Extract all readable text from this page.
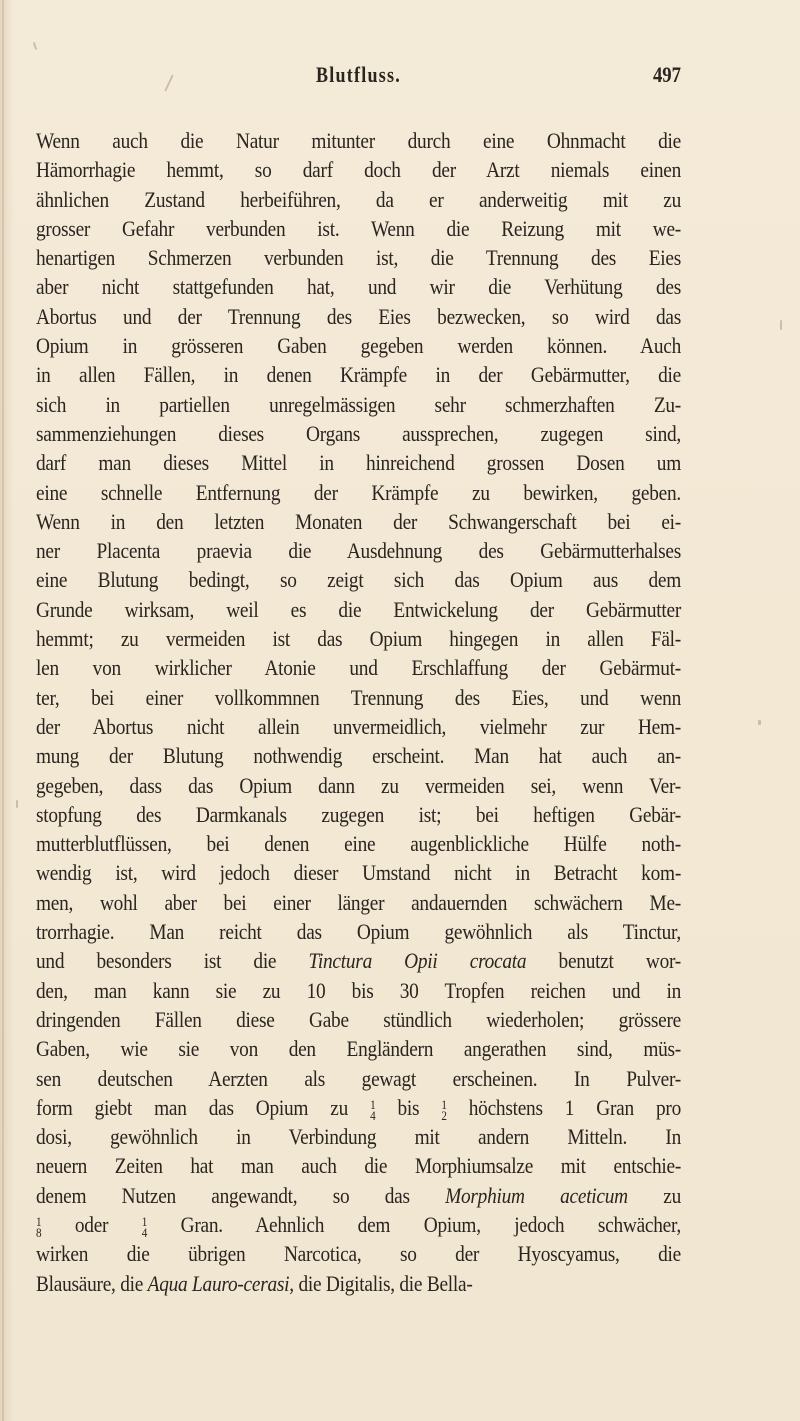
Blutfluss.	497
Wenn auch die Natur mitunter durch eine Ohnmacht die
Hämorrhagie hemmt, so darf doch der Arzt niemals einen
ähnlichen Zustand herbeiführen, da er anderweitig mit zu
grosser Gefahr verbunden ist. Wenn die Reizung mit we-
henartigen Schmerzen verbunden ist, die Trennung des Eies
aber nicht stattgefunden hat, und wir die Verhütung des
Abortus und der Trennung des Eies bezwecken, so wird das
Opium in grösseren Gaben gegeben werden können. Auch
in allen Fällen, in denen Krämpfe in der Gebärmutter, die
sich in partiellen unregelmässigen sehr schmerzhaften Zu-
sammenziehungen dieses Organs aussprechen, zugegen sind,
darf man dieses Mittel in hinreichend grossen Dosen um
eine schnelle Entfernung der Krämpfe zu bewirken, geben.
Wenn in den letzten Monaten der Schwangerschaft bei ei-
ner Placenta praevia die Ausdehnung des Gebärmutterhalses
eine Blutung bedingt, so zeigt sich das Opium aus dem
Grunde wirksam, weil es die Entwickelung der Gebärmutter
hemmt; zu vermeiden ist das Opium hingegen in allen Fäl-
len von wirklicher Atonie und Erschlaffung der Gebärmut-
ter, bei einer vollkommnen Trennung des Eies, und wenn
der Abortus nicht allein unvermeidlich, vielmehr zur Hem-
mung der Blutung nothwendig erscheint. Man hat auch an-
gegeben, dass das Opium dann zu vermeiden sei, wenn Ver-
stopfung des Darmkanals zugegen ist; bei heftigen Gebär-
mutterblutflüssen, bei denen eine augenblickliche Hülfe noth-
wendig ist, wird jedoch dieser Umstand nicht in Betracht kom-
men, wohl aber bei einer länger andauernden schwächern Me-
trorrhagie. Man reicht das Opium gewöhnlich als Tinctur,
und besonders ist die Tinctura Opii crocata benutzt wor-
den, man kann sie zu 10 bis 30 Tropfen reichen und in
dringenden Fällen diese Gabe stündlich wiederholen; grössere
Gaben, wie sie von den Engländern angerathen sind, müs-
sen deutschen Aerzten als gewagt erscheinen. In Pulver-
form giebt man das Opium zu 1
4 bis 1
2 höchstens 1 Gran pro
dosi, gewöhnlich in Verbindung mit andern Mitteln. In
neuern Zeiten hat man auch die Morphiumsalze mit entschie-
denem Nutzen angewandt, so das Morphium aceticum zu
1
8 oder 1
4 Gran. Aehnlich dem Opium, jedoch schwächer,
wirken die übrigen Narcotica, so der Hyoscyamus, die
Blausäure, die Aqua Lauro-cerasi, die Digitalis, die Bella-
